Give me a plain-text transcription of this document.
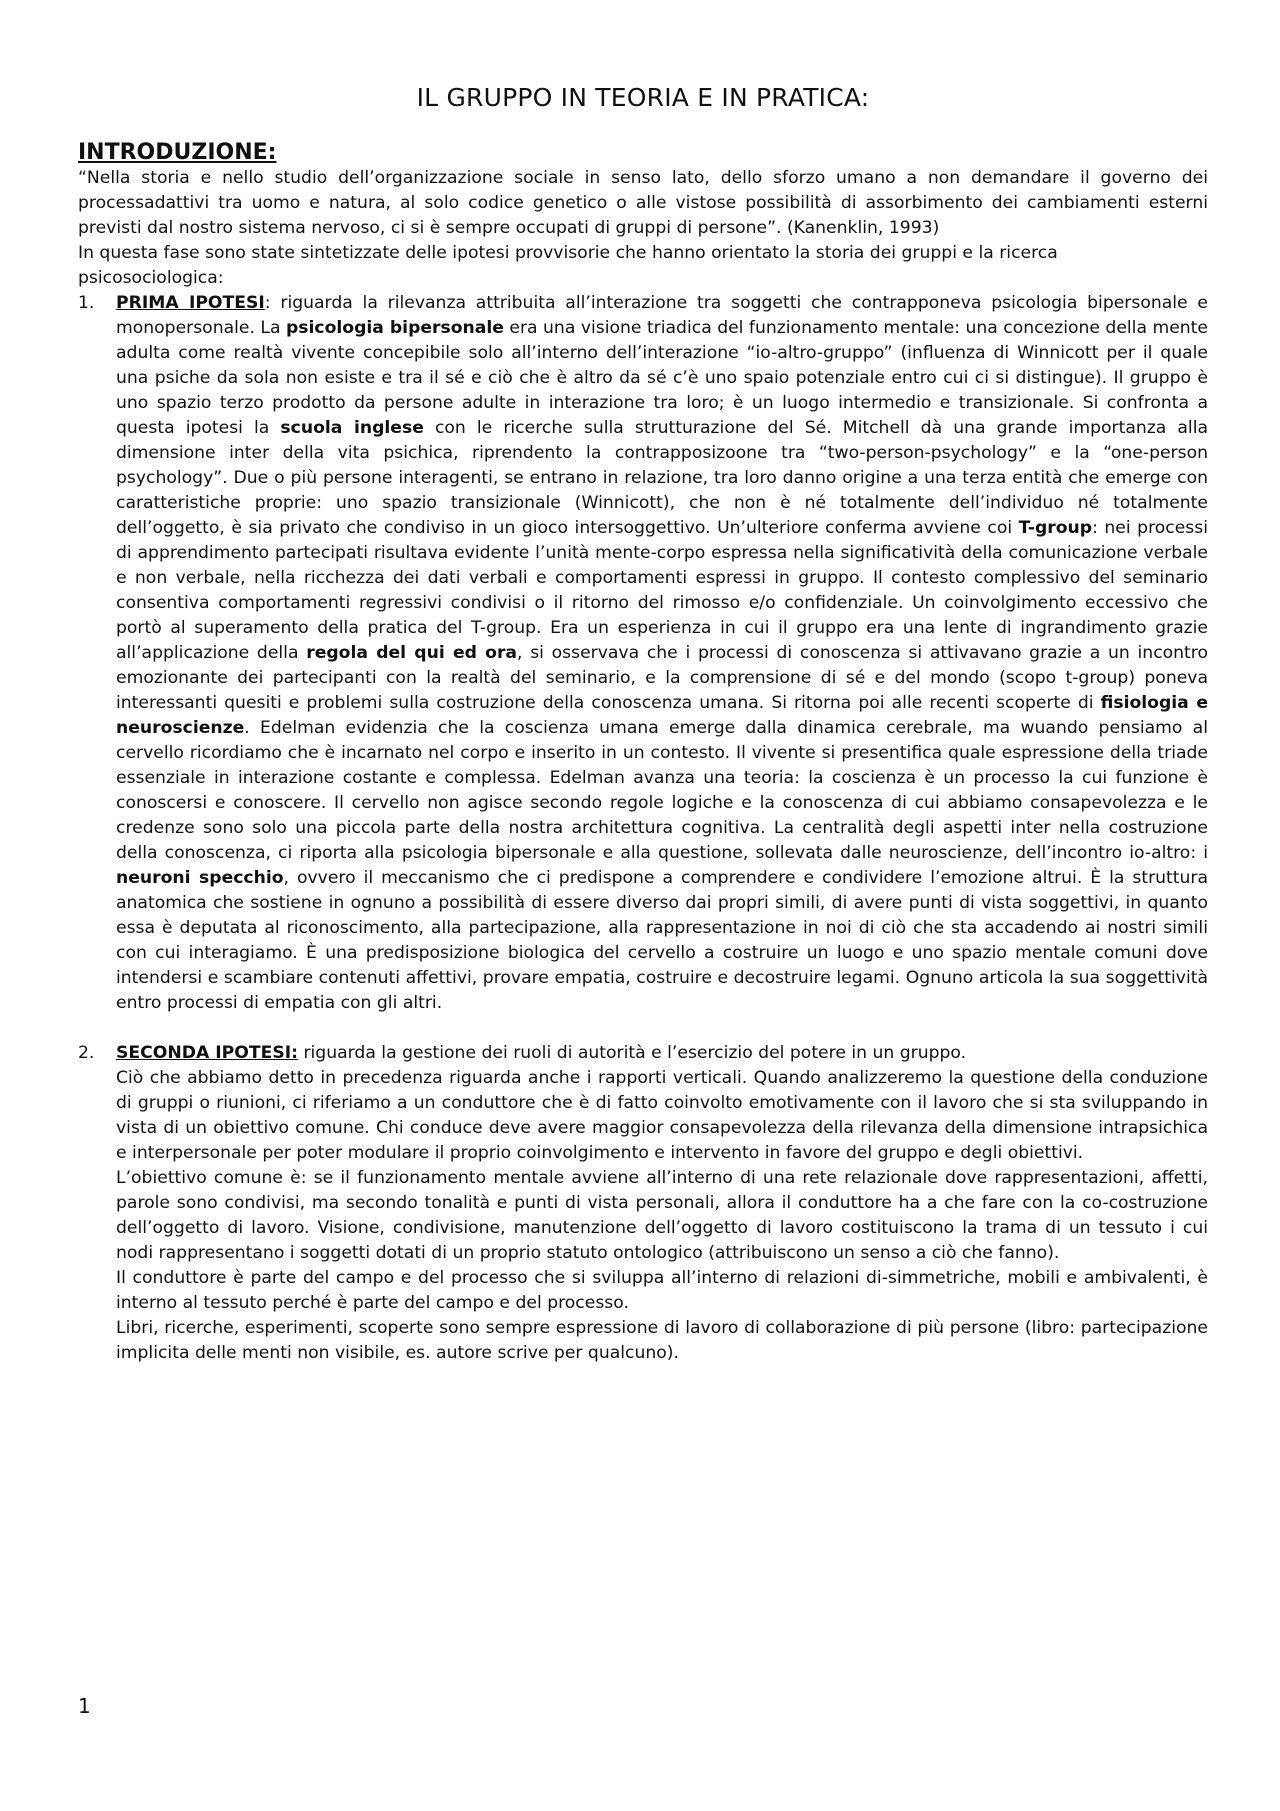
IL GRUPPO IN TEORIA E IN PRATICA:
INTRODUZIONE:

“Nella storia e nello studio dell’organizzazione sociale in senso lato, dello sforzo umano a non demandare il governo dei processadattivi tra uomo e natura, al solo codice genetico o alle vistose possibilità di assorbimento dei cambiamenti esterni previsti dal nostro sistema nervoso, ci si è sempre occupati di gruppi di persone”. (Kanenklin, 1993)

In questa fase sono state sintetizzate delle ipotesi provvisorie che hanno orientato la storia dei gruppi e la ricerca psicosociologica:

1. PRIMA IPOTESI: riguarda la rilevanza attribuita all’interazione tra soggetti che contrapponeva psicologia bipersonale e monopersonale. La psicologia bipersonale era una visione triadica del funzionamento mentale: una concezione della mente adulta come realtà vivente concepibile solo all’interno dell’interazione “io-altro-gruppo” (influenza di Winnicott per il quale una psiche da sola non esiste e tra il sé e ciò che è altro da sé c’è uno spaio potenziale entro cui ci si distingue). Il gruppo è uno spazio terzo prodotto da persone adulte in interazione tra loro; è un luogo intermedio e transizionale. Si confronta a questa ipotesi la scuola inglese con le ricerche sulla strutturazione del Sé. Mitchell dà una grande importanza alla dimensione inter della vita psichica, riprendento la contrapposizoone tra “two-person-psychology” e la “one-person psychology”. Due o più persone interagenti, se entrano in relazione, tra loro danno origine a una terza entità che emerge con caratteristiche proprie: uno spazio transizionale (Winnicott), che non è né totalmente dell’individuo né totalmente dell’oggetto, è sia privato che condiviso in un gioco intersoggettivo. Un’ulteriore conferma avviene coi T-group: nei processi di apprendimento partecipati risultava evidente l’unità mente-corpo espressa nella significatività della comunicazione verbale e non verbale, nella ricchezza dei dati verbali e comportamenti espressi in gruppo. Il contesto complessivo del seminario consentiva comportamenti regressivi condivisi o il ritorno del rimosso e/o confidenziale. Un coinvolgimento eccessivo che portò al superamento della pratica del T-group. Era un esperienza in cui il gruppo era una lente di ingrandimento grazie all’applicazione della regola del qui ed ora, si osservava che i processi di conoscenza si attivavano grazie a un incontro emozionante dei partecipanti con la realtà del seminario, e la comprensione di sé e del mondo (scopo t-group) poneva interessanti quesiti e problemi sulla costruzione della conoscenza umana. Si ritorna poi alle recenti scoperte di fisiologia e neuroscienze. Edelman evidenzia che la coscienza umana emerge dalla dinamica cerebrale, ma wuando pensiamo al cervello ricordiamo che è incarnato nel corpo e inserito in un contesto. Il vivente si presentifica quale espressione della triade essenziale in interazione costante e complessa. Edelman avanza una teoria: la coscienza è un processo la cui funzione è conoscersi e conoscere. Il cervello non agisce secondo regole logiche e la conoscenza di cui abbiamo consapevolezza e le credenze sono solo una piccola parte della nostra architettura cognitiva. La centralità degli aspetti inter nella costruzione della conoscenza, ci riporta alla psicologia bipersonale e alla questione, sollevata dalle neuroscienze, dell’incontro io-altro: i neuroni specchio, ovvero il meccanismo che ci predispone a comprendere e condividere l’emozione altrui. È la struttura anatomica che sostiene in ognuno a possibilità di essere diverso dai propri simili, di avere punti di vista soggettivi, in quanto essa è deputata al riconoscimento, alla partecipazione, alla rappresentazione in noi di ciò che sta accadendo ai nostri simili con cui interagiamo. È una predisposizione biologica del cervello a costruire un luogo e uno spazio mentale comuni dove intendersi e scambiare contenuti affettivi, provare empatia, costruire e decostruire legami. Ognuno articola la sua soggettività entro processi di empatia con gli altri.

2. SECONDA IPOTESI: riguarda la gestione dei ruoli di autorità e l’esercizio del potere in un gruppo.

Ciò che abbiamo detto in precedenza riguarda anche i rapporti verticali. Quando analizzeremo la questione della conduzione di gruppi o riunioni, ci riferiamo a un conduttore che è di fatto coinvolto emotivamente con il lavoro che si sta sviluppando in vista di un obiettivo comune. Chi conduce deve avere maggior consapevolezza della rilevanza della dimensione intrapsichica e interpersonale per poter modulare il proprio coinvolgimento e intervento in favore del gruppo e degli obiettivi.

L’obiettivo comune è: se il funzionamento mentale avviene all’interno di una rete relazionale dove rappresentazioni, affetti, parole sono condivisi, ma secondo tonalità e punti di vista personali, allora il conduttore ha a che fare con la co-costruzione dell’oggetto di lavoro. Visione, condivisione, manutenzione dell’oggetto di lavoro costituiscono la trama di un tessuto i cui nodi rappresentano i soggetti dotati di un proprio statuto ontologico (attribuiscono un senso a ciò che fanno).

Il conduttore è parte del campo e del processo che si sviluppa all’interno di relazioni di-simmetriche, mobili e ambivalenti, è interno al tessuto perché è parte del campo e del processo.

Libri, ricerche, esperimenti, scoperte sono sempre espressione di lavoro di collaborazione di più persone (libro: partecipazione implicita delle menti non visibile, es. autore scrive per qualcuno).

1
